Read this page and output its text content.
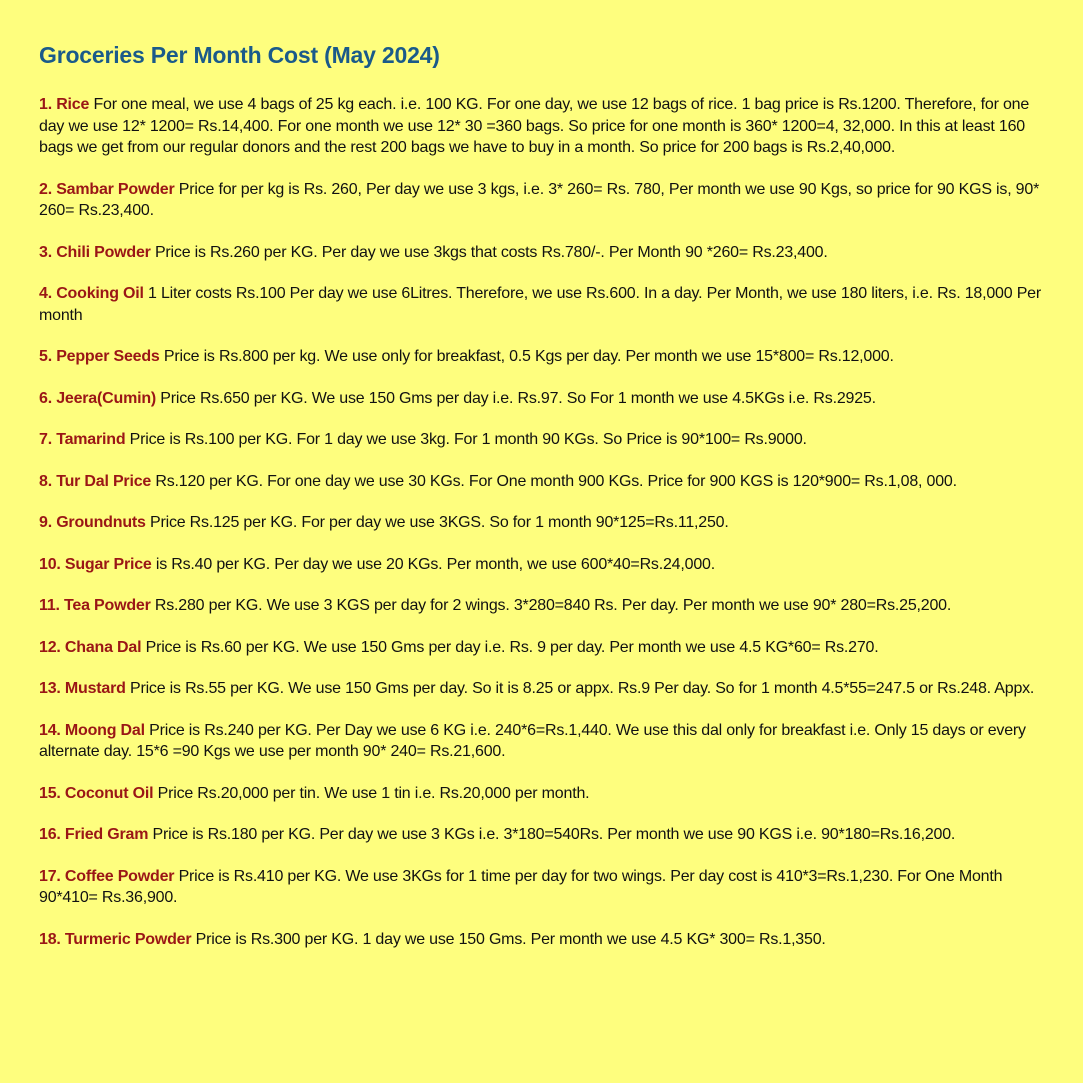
Groceries Per Month Cost (May 2024)

1. Rice For one meal, we use 4 bags of 25 kg each. i.e. 100 KG. For one day, we use 12 bags of rice. 1 bag price is Rs.1200. Therefore, for one day we use 12* 1200= Rs.14,400. For one month we use 12* 30 =360 bags. So price for one month is 360* 1200=4, 32,000. In this at least 160 bags we get from our regular donors and the rest 200 bags we have to buy in a month. So price for 200 bags is Rs.2,40,000.

2. Sambar Powder Price for per kg is Rs. 260, Per day we use 3 kgs, i.e. 3* 260= Rs. 780, Per month we use 90 Kgs, so price for 90 KGS is, 90* 260= Rs.23,400.

3. Chili Powder Price is Rs.260 per KG. Per day we use 3kgs that costs Rs.780/-. Per Month 90 *260= Rs.23,400.

4. Cooking Oil 1 Liter costs Rs.100 Per day we use 6Litres. Therefore, we use Rs.600. In a day. Per Month, we use 180 liters, i.e. Rs. 18,000 Per month

5. Pepper Seeds Price is Rs.800 per kg. We use only for breakfast, 0.5 Kgs per day. Per month we use 15*800= Rs.12,000.

6. Jeera(Cumin) Price Rs.650 per KG. We use 150 Gms per day i.e. Rs.97. So For 1 month we use 4.5KGs i.e. Rs.2925.

7. Tamarind Price is Rs.100 per KG. For 1 day we use 3kg. For 1 month 90 KGs. So Price is 90*100= Rs.9000.

8. Tur Dal Price Rs.120 per KG. For one day we use 30 KGs. For One month 900 KGs. Price for 900 KGS is 120*900= Rs.1,08, 000.

9. Groundnuts Price Rs.125 per KG. For per day we use 3KGS. So for 1 month 90*125=Rs.11,250.

10. Sugar Price is Rs.40 per KG. Per day we use 20 KGs. Per month, we use 600*40=Rs.24,000.

11. Tea Powder Rs.280 per KG. We use 3 KGS per day for 2 wings. 3*280=840 Rs. Per day. Per month we use 90* 280=Rs.25,200.

12. Chana Dal Price is Rs.60 per KG. We use 150 Gms per day i.e. Rs. 9 per day. Per month we use 4.5 KG*60= Rs.270.

13. Mustard Price is Rs.55 per KG. We use 150 Gms per day. So it is 8.25 or appx. Rs.9 Per day. So for 1 month 4.5*55=247.5 or Rs.248. Appx.

14. Moong Dal Price is Rs.240 per KG. Per Day we use 6 KG i.e. 240*6=Rs.1,440. We use this dal only for breakfast i.e. Only 15 days or every alternate day. 15*6 =90 Kgs we use per month 90* 240= Rs.21,600.

15. Coconut Oil Price Rs.20,000 per tin. We use 1 tin i.e. Rs.20,000 per month.

16. Fried Gram Price is Rs.180 per KG. Per day we use 3 KGs i.e. 3*180=540Rs. Per month we use 90 KGS i.e. 90*180=Rs.16,200.

17. Coffee Powder Price is Rs.410 per KG. We use 3KGs for 1 time per day for two wings. Per day cost is 410*3=Rs.1,230. For One Month 90*410= Rs.36,900.

18. Turmeric Powder Price is Rs.300 per KG. 1 day we use 150 Gms. Per month we use 4.5 KG* 300= Rs.1,350.
